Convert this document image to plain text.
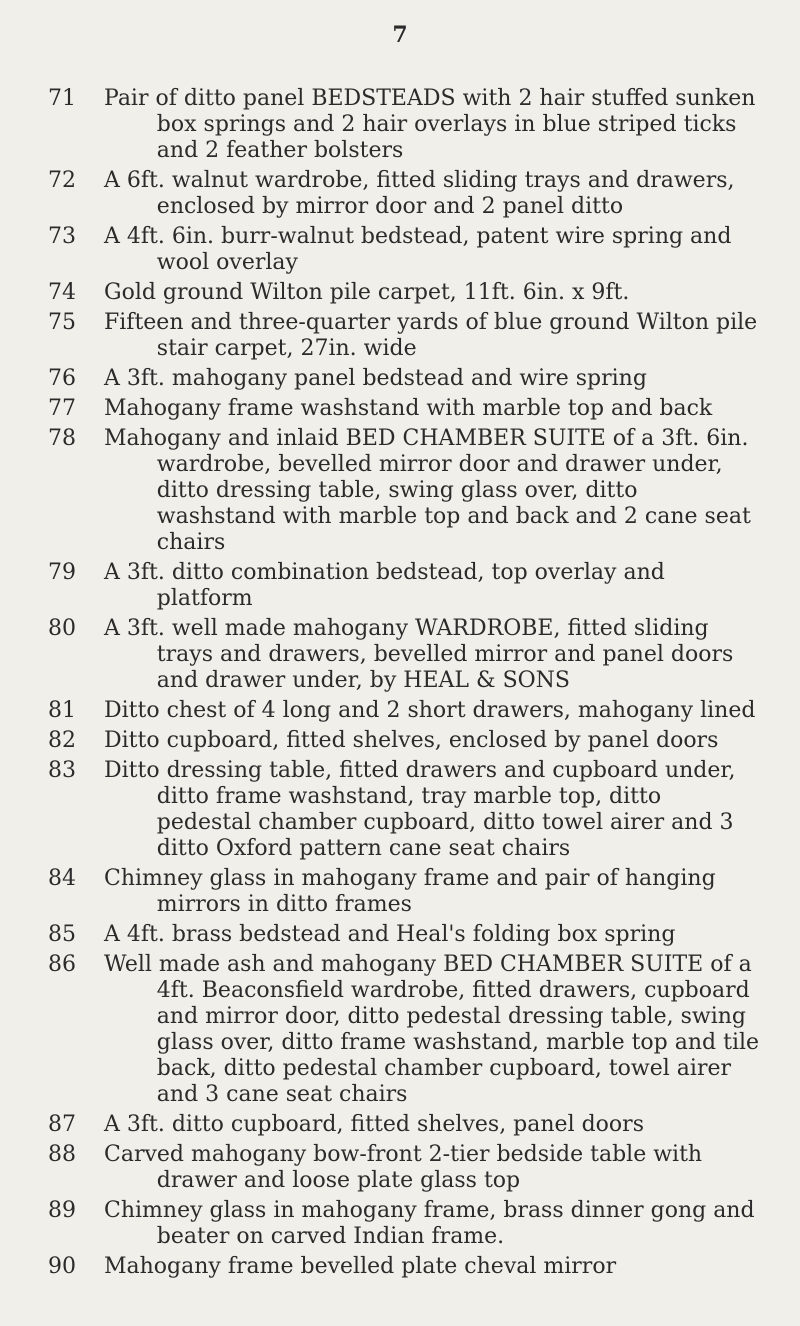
7
71	Pair of ditto panel BEDSTEADS with 2 hair stuffed sunken box springs and 2 hair overlays in blue striped ticks and 2 feather bolsters
72	A 6ft. walnut wardrobe, fitted sliding trays and drawers, enclosed by mirror door and 2 panel ditto
73	A 4ft. 6in. burr-walnut bedstead, patent wire spring and wool overlay
74	Gold ground Wilton pile carpet, 11ft. 6in. x 9ft.
75	Fifteen and three-quarter yards of blue ground Wilton pile stair carpet, 27in. wide
76	A 3ft. mahogany panel bedstead and wire spring
77	Mahogany frame washstand with marble top and back
78	Mahogany and inlaid BED CHAMBER SUITE of a 3ft. 6in. wardrobe, bevelled mirror door and drawer under, ditto dressing table, swing glass over, ditto washstand with marble top and back and 2 cane seat chairs
79	A 3ft. ditto combination bedstead, top overlay and platform
80	A 3ft. well made mahogany WARDROBE, fitted sliding trays and drawers, bevelled mirror and panel doors and drawer under, by HEAL & SONS
81	Ditto chest of 4 long and 2 short drawers, mahogany lined
82	Ditto cupboard, fitted shelves, enclosed by panel doors
83	Ditto dressing table, fitted drawers and cupboard under, ditto frame washstand, tray marble top, ditto pedestal chamber cupboard, ditto towel airer and 3 ditto Oxford pattern cane seat chairs
84	Chimney glass in mahogany frame and pair of hanging mirrors in ditto frames
85	A 4ft. brass bedstead and Heal's folding box spring
86	Well made ash and mahogany BED CHAMBER SUITE of a 4ft. Beaconsfield wardrobe, fitted drawers, cupboard and mirror door, ditto pedestal dressing table, swing glass over, ditto frame washstand, marble top and tile back, ditto pedestal chamber cupboard, towel airer and 3 cane seat chairs
87	A 3ft. ditto cupboard, fitted shelves, panel doors
88	Carved mahogany bow-front 2-tier bedside table with drawer and loose plate glass top
89	Chimney glass in mahogany frame, brass dinner gong and beater on carved Indian frame.
90	Mahogany frame bevelled plate cheval mirror
